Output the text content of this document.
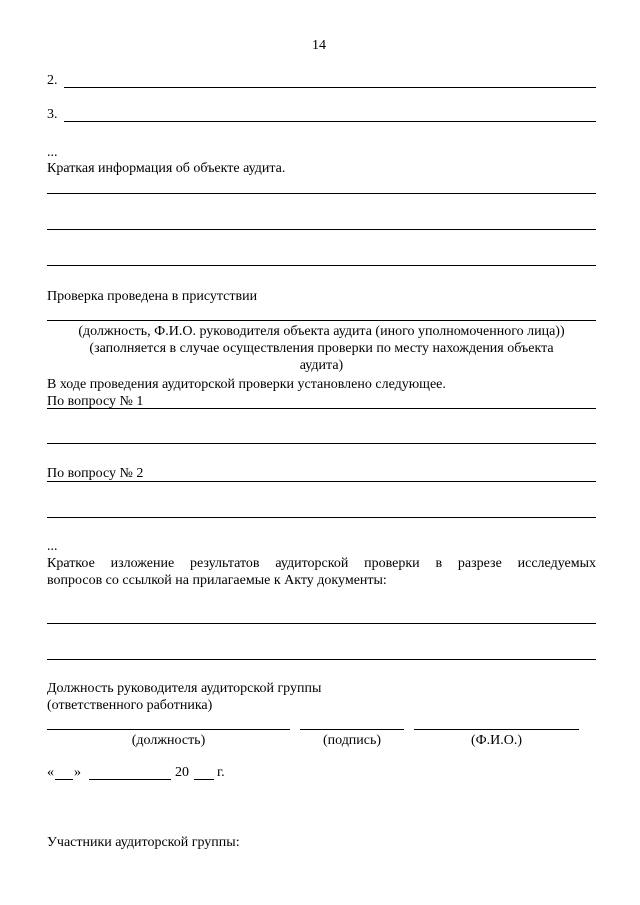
14
2.
3.
...
Краткая информация об объекте аудита.
Проверка проведена в присутствии
(должность, Ф.И.О. руководителя объекта аудита (иного уполномоченного лица))
(заполняется в случае осуществления проверки по месту нахождения объекта
аудита)
В ходе проведения аудиторской проверки установлено следующее.
По вопросу № 1
По вопросу № 2
...
Краткое изложение результатов аудиторской проверки в разрезе исследуемых
вопросов со ссылкой на прилагаемые к Акту документы:
Должность руководителя аудиторской группы
(ответственного работника)
(должность)	(подпись)	(Ф.И.О.)
« »	20 г.
Участники аудиторской группы:
